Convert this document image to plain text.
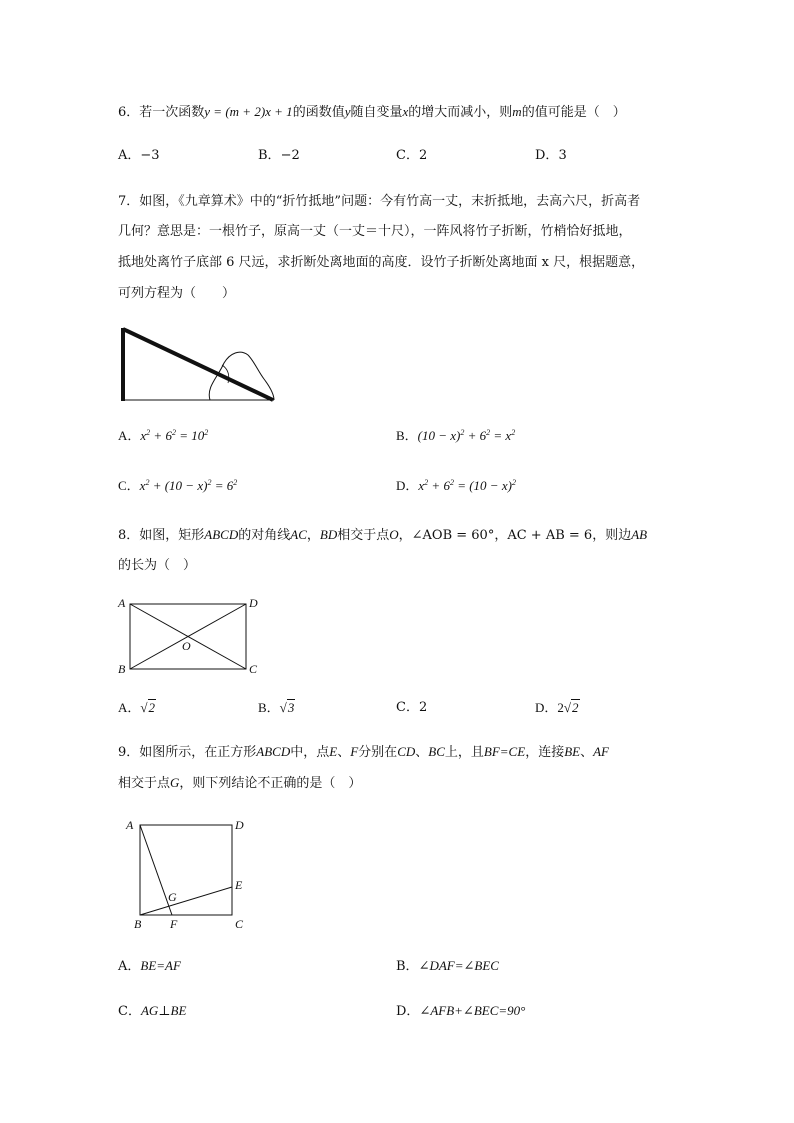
6．若一次函数y = (m + 2)x + 1的函数值y随自变量x的增大而减小，则m的值可能是（　）
A．−3	B．−2	C．2	D．3
7．如图，《九章算术》中的“折竹抵地”问题：今有竹高一丈，末折抵地，去高六尺，折高者
几何？意思是：一根竹子，原高一丈（一丈＝十尺），一阵风将竹子折断，竹梢恰好抵地，
抵地处离竹子底部 6 尺远，求折断处离地面的高度．设竹子折断处离地面 x 尺，根据题意，
可列方程为（　　）
A．$x^2 + 6^2 = 10^2$	B．$(10 - x)^2 + 6^2 = x^2$
C．$x^2 + (10 - x)^2 = 6^2$	D．$x^2 + 6^2 = (10 - x)^2$
8．如图，矩形ABCD的对角线AC，BD相交于点O，∠AOB = 60°，AC + AB = 6，则边AB
的长为（　）
A	D
B	C
O
A．√2	B．√3	C．2	D．2√2
9．如图所示，在正方形ABCD中，点E、F分别在CD、BC上，且BF=CE，连接BE、AF
相交于点G，则下列结论不正确的是（　）
A	D
E
G
B F	C
A．BE=AF	B．∠DAF=∠BEC
C．AG⊥BE	D．∠AFB+∠BEC=90°
